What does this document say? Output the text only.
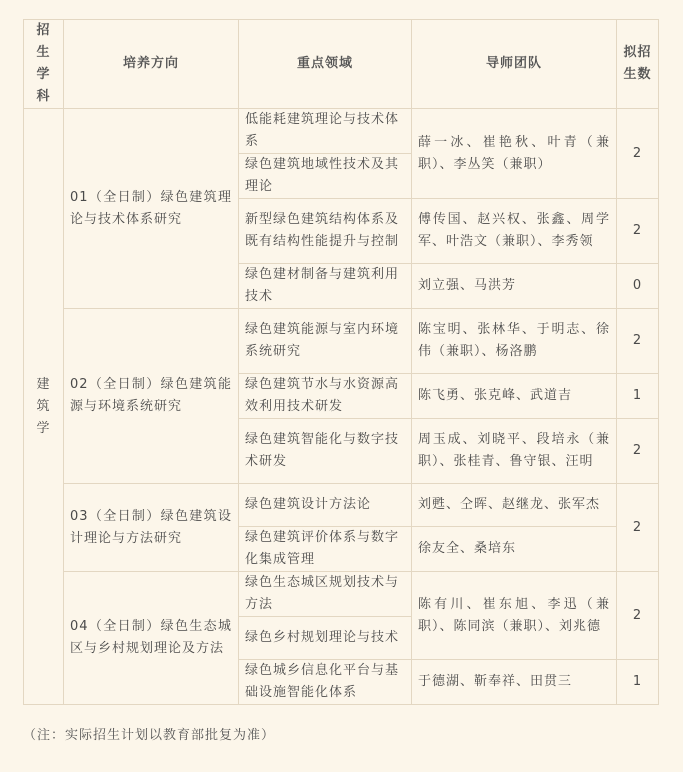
招生学科	培养方向	重点领域	导师团队	拟招生数
建筑学	01（全日制）绿色建筑理论与技术体系研究	低能耗建筑理论与技术体系	薛一冰、崔艳秋、叶青（兼职）、李丛笑（兼职）	2
		绿色建筑地域性技术及其理论		
		新型绿色建筑结构体系及既有结构性能提升与控制	傅传国、赵兴权、张鑫、周学军、叶浩文（兼职）、李秀领	2
		绿色建材制备与建筑利用技术	刘立强、马洪芳	0
	02（全日制）绿色建筑能源与环境系统研究	绿色建筑能源与室内环境系统研究	陈宝明、张林华、于明志、徐伟（兼职）、杨洛鹏	2
		绿色建筑节水与水资源高效利用技术研发	陈飞勇、张克峰、武道吉	1
		绿色建筑智能化与数字技术研发	周玉成、刘晓平、段培永（兼职）、张桂青、鲁守银、汪明	2
	03（全日制）绿色建筑设计理论与方法研究	绿色建筑设计方法论	刘甦、仝晖、赵继龙、张军杰	2
		绿色建筑评价体系与数字化集成管理	徐友全、桑培东	
	04（全日制）绿色生态城区与乡村规划理论及方法	绿色生态城区规划技术与方法	陈有川、崔东旭、李迅（兼职）、陈同滨（兼职）、刘兆德	2
		绿色乡村规划理论与技术		
		绿色城乡信息化平台与基础设施智能化体系	于德湖、靳奉祥、田贯三	1
（注：实际招生计划以教育部批复为准）
